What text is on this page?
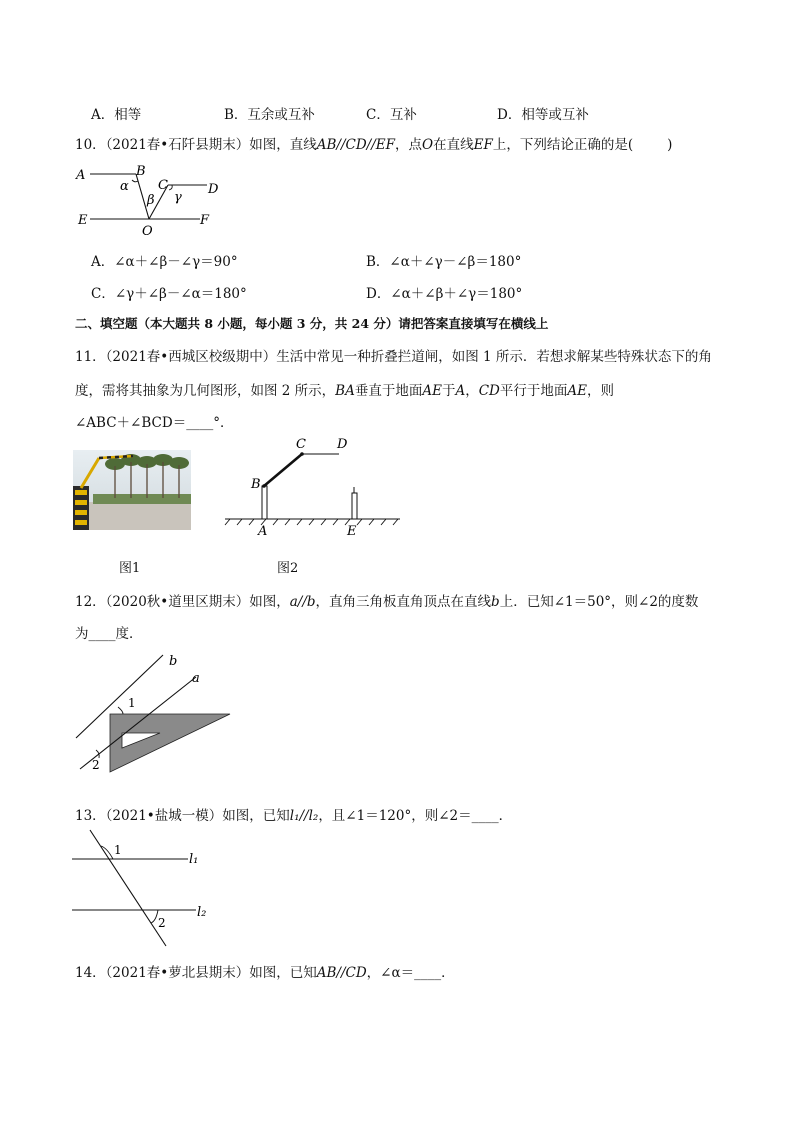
A．相等	B．互余或互补	C．互补	D．相等或互补
10．（2021春•石阡县期末）如图，直线AB//CD//EF，点O在直线EF上，下列结论正确的是(	)
A	B
α C	D
γ
β
E	F
O
A．∠α＋∠β－∠γ＝90°	B．∠α＋∠γ－∠β＝180°
C．∠γ＋∠β－∠α＝180°	D．∠α＋∠β＋∠γ＝180°
二、填空题（本大题共 8 小题，每小题 3 分，共 24 分）请把答案直接填写在横线上
11．（2021春•西城区校级期中）生活中常见一种折叠拦道闸，如图 1 所示．若想求解某些特殊状态下的角
度，需将其抽象为几何图形，如图 2 所示，BA垂直于地面AE于A，CD平行于地面AE，则
∠ABC＋∠BCD＝____°．
图1
C D
B
A	E
图2
12．（2020秋•道里区期末）如图，a//b，直角三角板直角顶点在直线b上．已知∠1＝50°，则∠2的度数
为____度．
b
a
1
2
13．（2021•盐城一模）如图，已知l₁//l₂，且∠1＝120°，则∠2＝____．
1
l₁
2
l₂
14．（2021春•萝北县期末）如图，已知AB//CD，∠α＝____．
